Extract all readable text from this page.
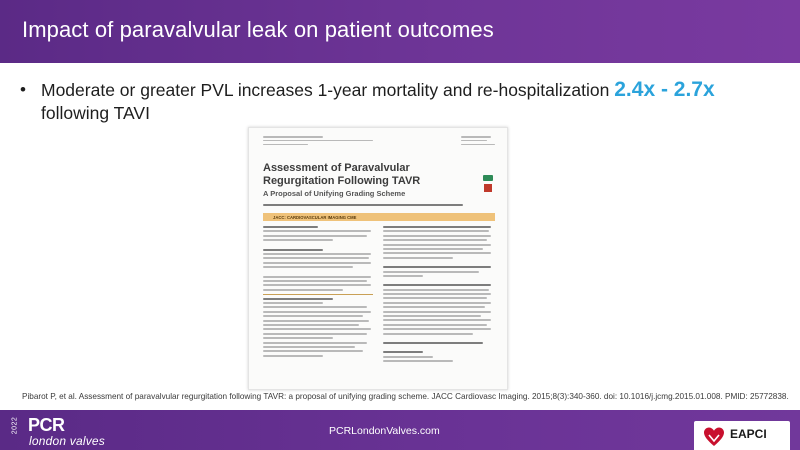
Impact of paravalvular leak on patient outcomes
• Moderate or greater PVL increases 1-year mortality and re-hospitalization 2.4x - 2.7x
following TAVI
Assessment of Paravalvular Regurgitation Following TAVR
A Proposal of Unifying Grading Scheme
JACC: CARDIOVASCULAR IMAGING CME
Pibarot P, et al. Assessment of paravalvular regurgitation following TAVR: a proposal of unifying grading scheme. JACC Cardiovasc Imaging. 2015;8(3):340-360. doi: 10.1016/j.jcmg.2015.01.008. PMID: 25772838.
2022 PCR
london valves
PCRLondonValves.com	EAPCI
